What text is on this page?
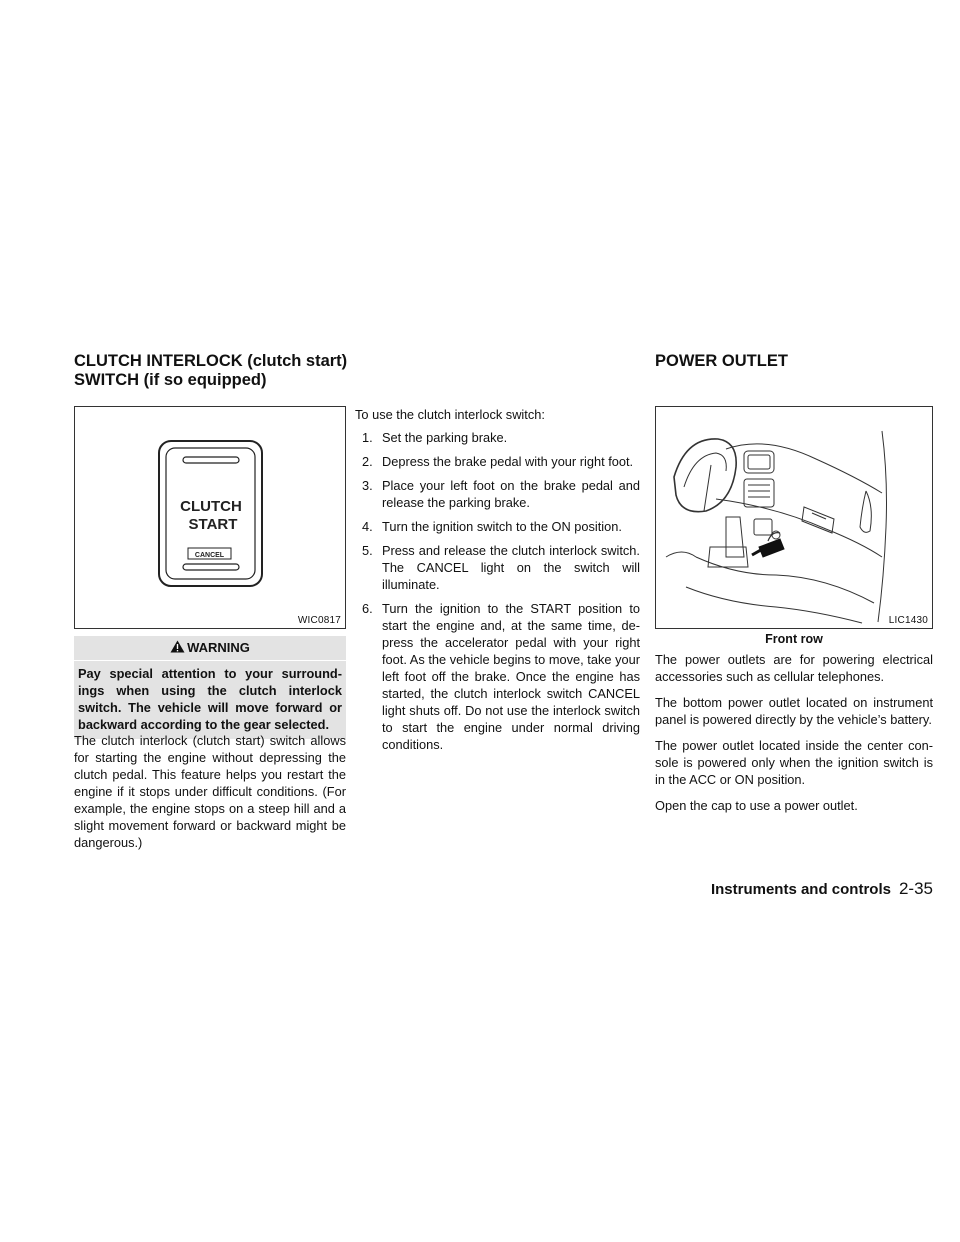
CLUTCH INTERLOCK (clutch start)
SWITCH (if so equipped)
POWER OUTLET
CLUTCH
START
CANCEL
WIC0817
WARNING
Pay special attention to your surround-ings when using the clutch interlock switch. The vehicle will move forward or backward according to the gear selected.

The clutch interlock (clutch start) switch allows for starting the engine without depressing the clutch pedal. This feature helps you restart the engine if it stops under difficult conditions. (For example, the engine stops on a steep hill and a slight movement forward or backward might be dangerous.)

To use the clutch interlock switch:

1. Set the parking brake.
2. Depress the brake pedal with your right foot.
3. Place your left foot on the brake pedal and release the parking brake.
4. Turn the ignition switch to the ON position.
5. Press and release the clutch interlock switch. The CANCEL light on the switch will illuminate.
6. Turn the ignition to the START position to start the engine and, at the same time, de-press the accelerator pedal with your right foot. As the vehicle begins to move, take your left foot off the brake. Once the engine has started, the clutch interlock switch CANCEL light shuts off. Do not use the interlock switch to start the engine under normal driving conditions.
LIC1430
Front row

The power outlets are for powering electrical accessories such as cellular telephones.

The bottom power outlet located on instrument panel is powered directly by the vehicle’s battery.

The power outlet located inside the center con-sole is powered only when the ignition switch is in the ACC or ON position.

Open the cap to use a power outlet.

Instruments and controls 2-35
